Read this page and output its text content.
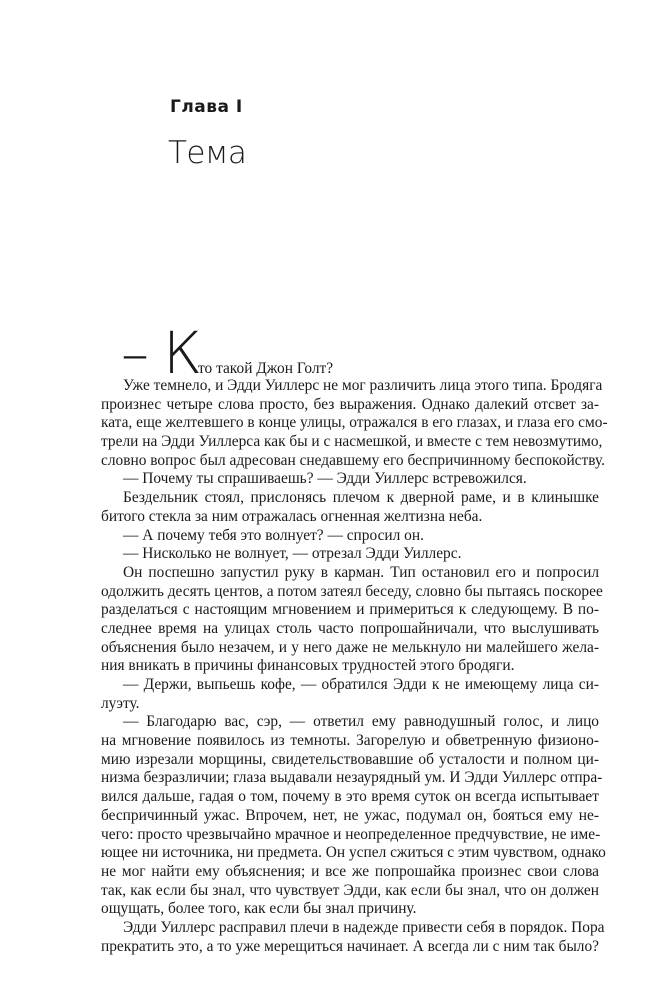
Глава I
Тема
– К
то такой Джон Голт?
Уже темнело, и Эдди Уиллерс не мог различить лица этого типа. Бродяга
произнес четыре слова просто, без выражения. Однако далекий отсвет за-
ката, еще желтевшего в конце улицы, отражался в его глазах, и глаза его смо-
трели на Эдди Уиллерса как бы и с насмешкой, и вместе с тем невозмутимо,
словно вопрос был адресован снедавшему его беспричинному беспокойству.
— Почему ты спрашиваешь? — Эдди Уиллерс встревожился.
Бездельник стоял, прислонясь плечом к дверной раме, и в клинышке
битого стекла за ним отражалась огненная желтизна неба.
— А почему тебя это волнует? — спросил он.
— Нисколько не волнует, — отрезал Эдди Уиллерс.
Он поспешно запустил руку в карман. Тип остановил его и попросил
одолжить десять центов, а потом затеял беседу, словно бы пытаясь поскорее
разделаться с настоящим мгновением и примериться к следующему. В по-
следнее время на улицах столь часто попрошайничали, что выслушивать
объяснения было незачем, и у него даже не мелькнуло ни малейшего жела-
ния вникать в причины финансовых трудностей этого бродяги.
— Держи, выпьешь кофе, — обратился Эдди к не имеющему лица си-
луэту.
— Благодарю вас, сэр, — ответил ему равнодушный голос, и лицо
на мгновение появилось из темноты. Загорелую и обветренную физионо-
мию изрезали морщины, свидетельствовавшие об усталости и полном ци-
низма безразличии; глаза выдавали незаурядный ум. И Эдди Уиллерс отпра-
вился дальше, гадая о том, почему в это время суток он всегда испытывает
беспричинный ужас. Впрочем, нет, не ужас, подумал он, бояться ему не-
чего: просто чрезвычайно мрачное и неопределенное предчувствие, не име-
ющее ни источника, ни предмета. Он успел сжиться с этим чувством, однако
не мог найти ему объяснения; и все же попрошайка произнес свои слова
так, как если бы знал, что чувствует Эдди, как если бы знал, что он должен
ощущать, более того, как если бы знал причину.
Эдди Уиллерс расправил плечи в надежде привести себя в порядок. Пора
прекратить это, а то уже мерещиться начинает. А всегда ли с ним так было?
